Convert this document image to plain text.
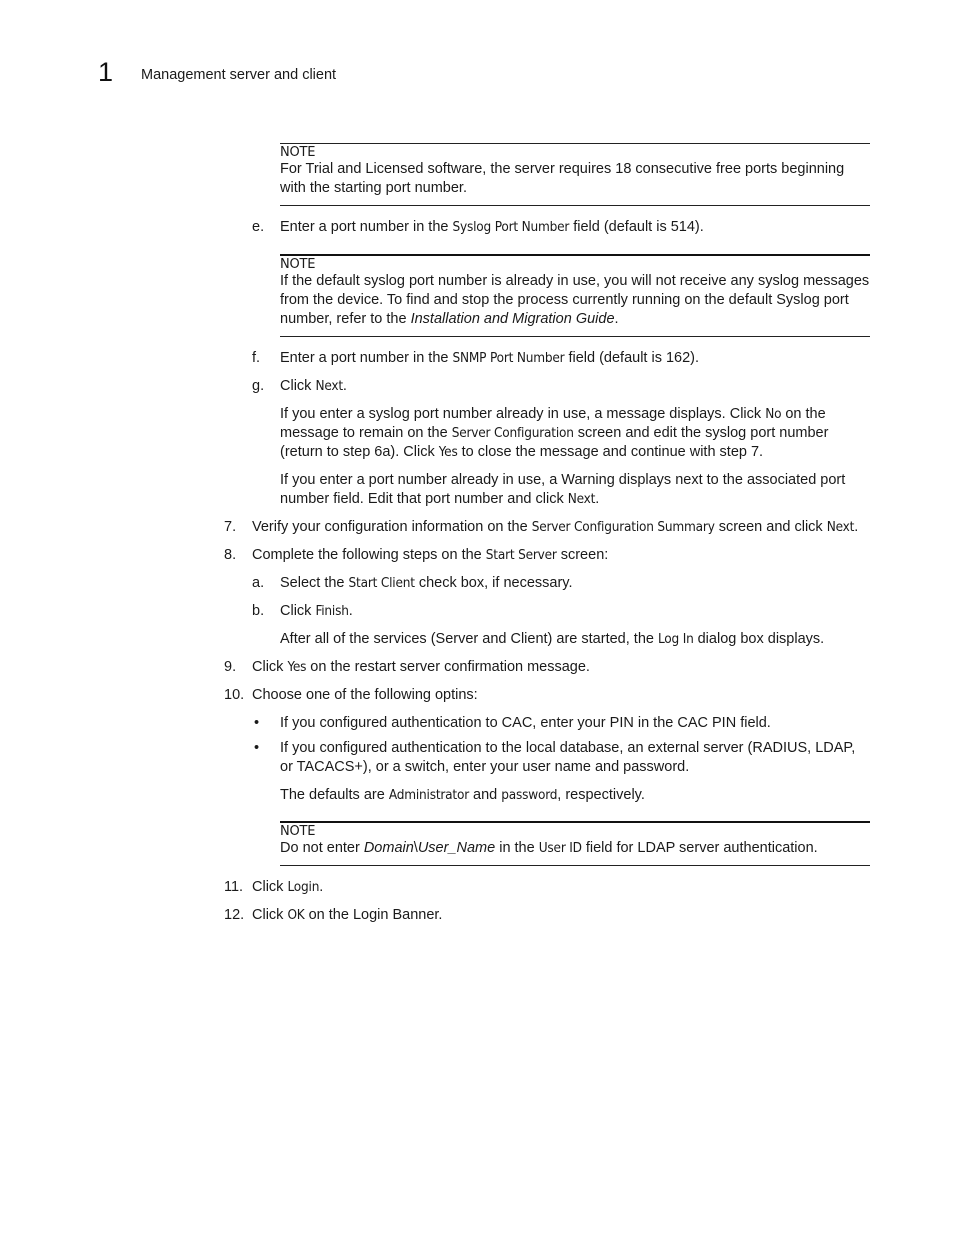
1 Management server and client
NOTE

For Trial and Licensed software, the server requires 18 consecutive free ports beginning with the starting port number.

e. Enter a port number in the Syslog Port Number field (default is 514).

NOTE

If the default syslog port number is already in use, you will not receive any syslog messages from the device. To find and stop the process currently running on the default Syslog port number, refer to the Installation and Migration Guide.

f. Enter a port number in the SNMP Port Number field (default is 162).

g. Click Next.

If you enter a syslog port number already in use, a message displays. Click No on the message to remain on the Server Configuration screen and edit the syslog port number (return to step 6a). Click Yes to close the message and continue with step 7.

If you enter a port number already in use, a Warning displays next to the associated port number field. Edit that port number and click Next.

7. Verify your configuration information on the Server Configuration Summary screen and click Next.

8. Complete the following steps on the Start Server screen:

a. Select the Start Client check box, if necessary.

b. Click Finish.

After all of the services (Server and Client) are started, the Log In dialog box displays.

9. Click Yes on the restart server confirmation message.

10. Choose one of the following optins:

• If you configured authentication to CAC, enter your PIN in the CAC PIN field.

• If you configured authentication to the local database, an external server (RADIUS, LDAP, or TACACS+), or a switch, enter your user name and password.

The defaults are Administrator and password, respectively.

NOTE

Do not enter Domain\User_Name in the User ID field for LDAP server authentication.

11. Click Login.

12. Click OK on the Login Banner.
